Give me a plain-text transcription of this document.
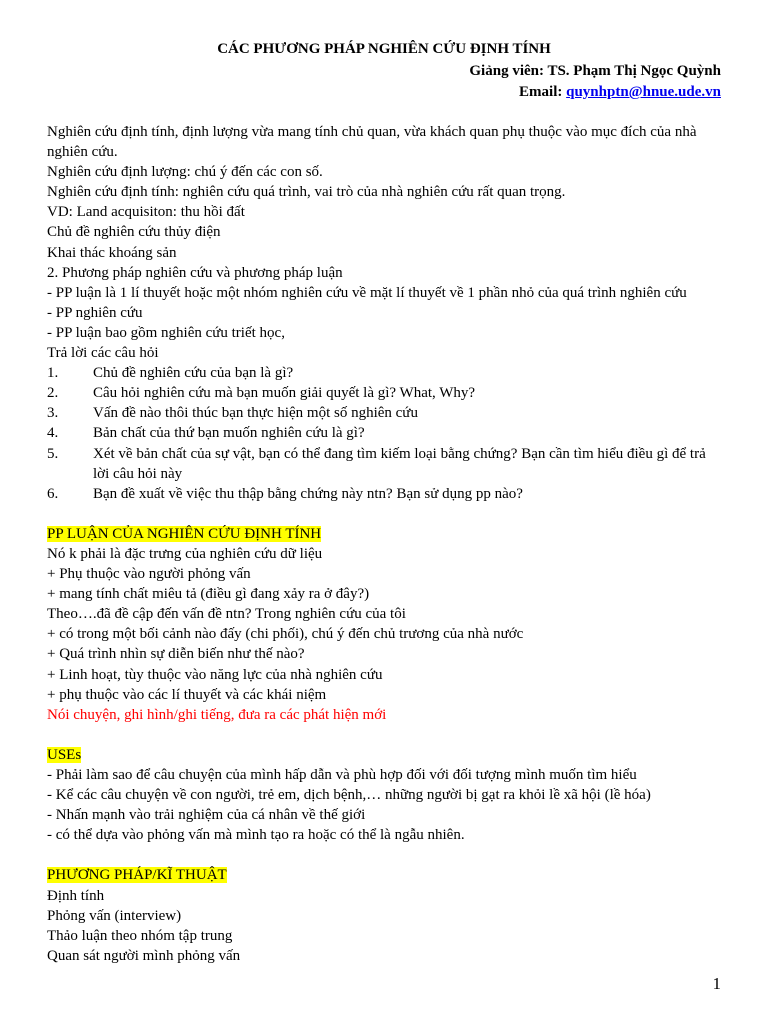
CÁC PHƯƠNG PHÁP NGHIÊN CỨU ĐỊNH TÍNH
Giảng viên: TS. Phạm Thị Ngọc Quỳnh
Email: quynhptn@hnue.ude.vn

Nghiên cứu định tính, định lượng vừa mang tính chủ quan, vừa khách quan phụ thuộc vào mục đích của nhà nghiên cứu.

Nghiên cứu định lượng: chú ý đến các con số.

Nghiên cứu định tính: nghiên cứu quá trình, vai trò của nhà nghiên cứu rất quan trọng.

VD: Land acquisiton: thu hồi đất

Chủ đề nghiên cứu thủy điện

Khai thác khoáng sản

2. Phương pháp nghiên cứu và phương pháp luận

- PP luận là 1 lí thuyết hoặc một nhóm nghiên cứu về mặt lí thuyết về 1 phần nhỏ của quá trình nghiên cứu

- PP nghiên cứu

- PP luận bao gồm nghiên cứu triết học,

Trả lời các câu hỏi

1.	Chủ đề nghiên cứu của bạn là gì?
2.	Câu hỏi nghiên cứu mà bạn muốn giải quyết là gì? What, Why?
3.	Vấn đề nào thôi thúc bạn thực hiện một số nghiên cứu
4.	Bản chất của thứ bạn muốn nghiên cứu là gì?
5.	Xét về bản chất của sự vật, bạn có thể đang tìm kiếm loại bằng chứng? Bạn cần tìm hiểu điều gì để trả lời câu hỏi này
6.	Bạn đề xuất về việc thu thập bằng chứng này ntn? Bạn sử dụng pp nào?

PP LUẬN CỦA NGHIÊN CỨU ĐỊNH TÍNH

Nó k phải là đặc trưng của nghiên cứu dữ liệu

+ Phụ thuộc vào người phỏng vấn

+ mang tính chất miêu tả (điều gì đang xảy ra ở đây?)

Theo….đã đề cập đến vấn đề ntn? Trong nghiên cứu của tôi

+ có trong một bối cảnh nào đấy (chi phối), chú ý đến chủ trương của nhà nước

+ Quá trình nhìn sự diễn biến như thế nào?

+ Linh hoạt, tùy thuộc vào năng lực của nhà nghiên cứu

+ phụ thuộc vào các lí thuyết và các khái niệm

Nói chuyện, ghi hình/ghi tiếng, đưa ra các phát hiện mới

USEs

- Phải làm sao để câu chuyện của mình hấp dẫn và phù hợp đối với đối tượng mình muốn tìm hiểu

- Kể các câu chuyện về con người, trẻ em, dịch bệnh,… những người bị gạt ra khỏi lề xã hội (lề hóa)

- Nhấn mạnh vào trải nghiệm của cá nhân về thế giới

- có thể dựa vào phỏng vấn mà mình tạo ra hoặc có thể là ngẫu nhiên.

PHƯƠNG PHÁP/KĨ THUẬT

Định tính

Phỏng vấn (interview)

Thảo luận theo nhóm tập trung

Quan sát người mình phỏng vấn

1
